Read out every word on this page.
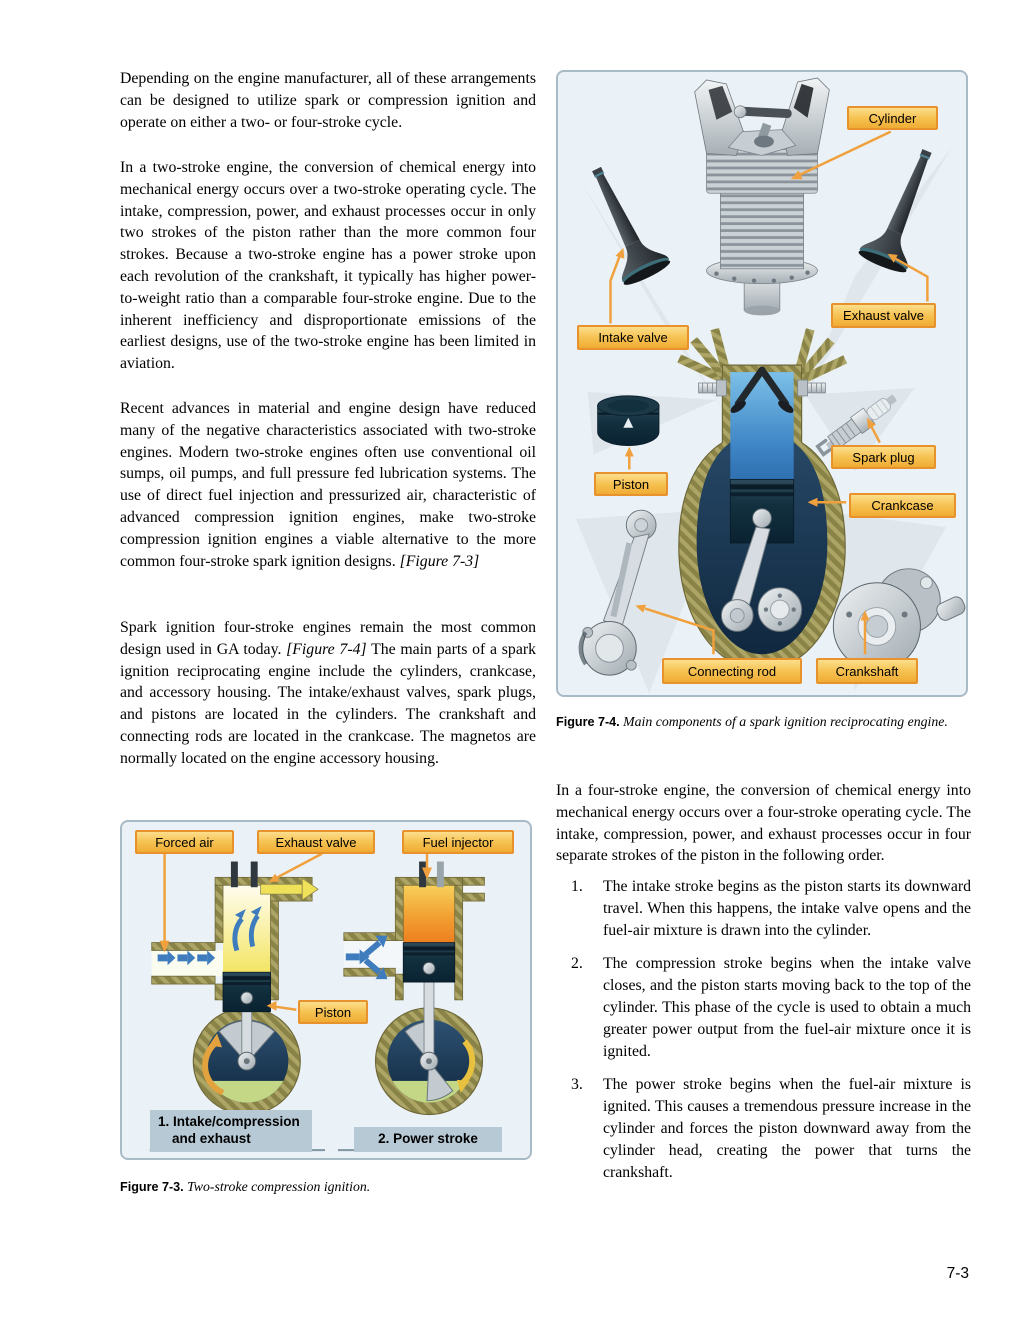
Depending on the engine manufacturer, all of these arrangements can be designed to utilize spark or compression ignition and operate on either a two- or four-stroke cycle.

In a two-stroke engine, the conversion of chemical energy into mechanical energy occurs over a two-stroke operating cycle. The intake, compression, power, and exhaust processes occur in only two strokes of the piston rather than the more common four strokes. Because a two-stroke engine has a power stroke upon each revolution of the crankshaft, it typically has higher power-to-weight ratio than a comparable four-stroke engine. Due to the inherent inefficiency and disproportionate emissions of the earliest designs, use of the two-stroke engine has been limited in aviation.

Recent advances in material and engine design have reduced many of the negative characteristics associated with two-stroke engines. Modern two-stroke engines often use conventional oil sumps, oil pumps, and full pressure fed lubrication systems. The use of direct fuel injection and pressurized air, characteristic of advanced compression ignition engines, make two-stroke compression ignition engines a viable alternative to the more common four-stroke spark ignition designs. [Figure 7-3]

Spark ignition four-stroke engines remain the most common design used in GA today. [Figure 7-4] The main parts of a spark ignition reciprocating engine include the cylinders, crankcase, and accessory housing. The intake/exhaust valves, spark plugs, and pistons are located in the cylinders. The crankshaft and connecting rods are located in the crankcase. The magnetos are normally located on the engine accessory housing.

Cylinder
Intake valve
Exhaust valve
Spark plug
Crankcase
Piston
Connecting rod	Crankshaft
Figure 7-4. Main components of a spark ignition reciprocating engine.

In a four-stroke engine, the conversion of chemical energy into mechanical energy occurs over a four-stroke operating cycle. The intake, compression, power, and exhaust processes occur in four separate strokes of the piston in the following order.

1.	The intake stroke begins as the piston starts its downward travel. When this happens, the intake valve opens and the fuel-air mixture is drawn into the cylinder.
2.	The compression stroke begins when the intake valve closes, and the piston starts moving back to the top of the cylinder. This phase of the cycle is used to obtain a much greater power output from the fuel-air mixture once it is ignited.
3.	The power stroke begins when the fuel-air mixture is ignited. This causes a tremendous pressure increase in the cylinder and forces the piston downward away from the cylinder head, creating the power that turns the crankshaft.
Forced air	Exhaust valve	Fuel injector
Piston
1. Intake/compression
and exhaust	2. Power stroke
Figure 7-3. Two-stroke compression ignition.
7-3
